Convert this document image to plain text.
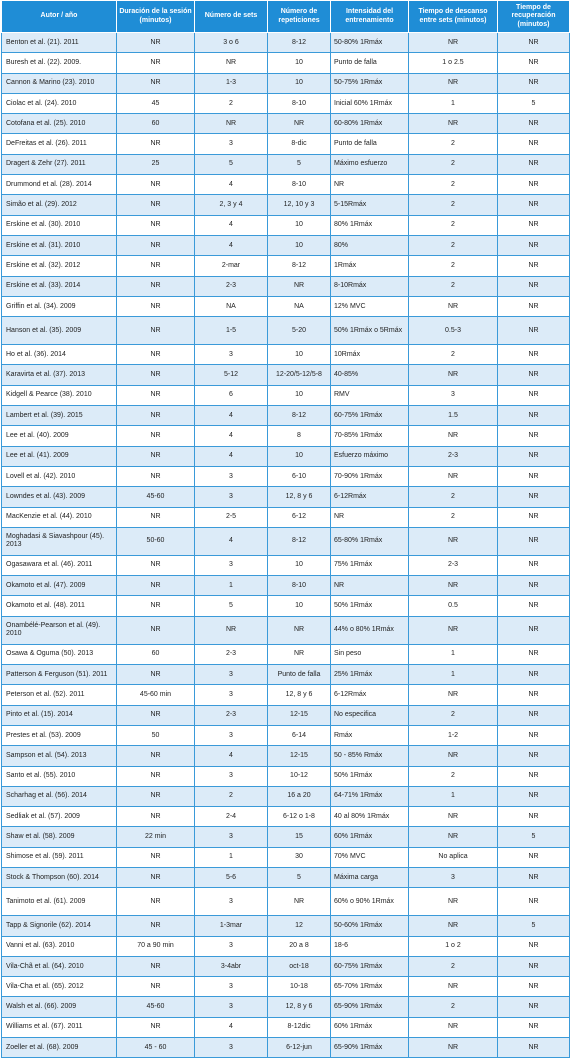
Autor / año	Duración de la sesión (minutos)	Número de sets	Número de repeticiones	Intensidad del entrenamiento	Tiempo de descanso entre sets (minutos)	Tiempo de recuperación (minutos)
Benton et al. (21). 2011	NR	3 o 6	8-12	50-80% 1Rmáx	NR	NR
Buresh et al. (22). 2009.	NR	NR	10	Punto de falla	1 o 2.5	NR
Cannon & Marino (23). 2010	NR	1-3	10	50-75% 1Rmáx	NR	NR
Ciolac et al. (24). 2010	45	2	8-10	Inicial 60% 1Rmáx	1	5
Cotofana et al. (25). 2010	60	NR	NR	60-80% 1Rmáx	NR	NR
DeFreitas et al. (26). 2011	NR	3	8-dic	Punto de falla	2	NR
Dragert & Zehr (27). 2011	25	5	5	Máximo esfuerzo	2	NR
Drummond et al. (28). 2014	NR	4	8-10	NR	2	NR
Simão et al. (29). 2012	NR	2, 3 y 4	12, 10 y 3	5-15Rmáx	2	NR
Erskine et al. (30). 2010	NR	4	10	80% 1Rmáx	2	NR
Erskine et al. (31). 2010	NR	4	10	80%	2	NR
Erskine et al. (32). 2012	NR	2-mar	8-12	1Rmáx	2	NR
Erskine et al. (33). 2014	NR	2-3	NR	8-10Rmáx	2	NR
Griffin et al. (34). 2009	NR	NA	NA	12% MVC	NR	NR
Hanson et al. (35). 2009	NR	1-5	5-20	50% 1Rmáx o 5Rmáx	0.5-3	NR
Ho et al. (36). 2014	NR	3	10	10Rmáx	2	NR
Karavirta et al. (37). 2013	NR	5-12	12-20/5-12/5-8	40-85%	NR	NR
Kidgell & Pearce (38). 2010	NR	6	10	RMV	3	NR
Lambert et al. (39). 2015	NR	4	8-12	60-75% 1Rmáx	1.5	NR
Lee et al. (40). 2009	NR	4	8	70-85% 1Rmáx	NR	NR
Lee et al. (41). 2009	NR	4	10	Esfuerzo máximo	2-3	NR
Lovell et al. (42). 2010	NR	3	6-10	70-90% 1Rmáx	NR	NR
Lowndes et al. (43). 2009	45-60	3	12, 8 y 6	6-12Rmáx	2	NR
MacKenzie et al. (44). 2010	NR	2-5	6-12	NR	2	NR
Moghadasi & Siavashpour (45). 2013	50-60	4	8-12	65-80% 1Rmáx	NR	NR
Ogasawara et al. (46). 2011	NR	3	10	75% 1Rmáx	2-3	NR
Okamoto et al. (47). 2009	NR	1	8-10	NR	NR	NR
Okamoto et al. (48). 2011	NR	5	10	50% 1Rmáx	0.5	NR
Onambélé-Pearson et al. (49). 2010	NR	NR	NR	44% o 80% 1Rmáx	NR	NR
Osawa & Oguma (50). 2013	60	2-3	NR	Sin peso	1	NR
Patterson & Ferguson (51). 2011	NR	3	Punto de falla	25% 1Rmáx	1	NR
Peterson et al. (52). 2011	45-60 min	3	12, 8 y 6	6-12Rmáx	NR	NR
Pinto et al. (15). 2014	NR	2-3	12-15	No especifica	2	NR
Prestes et al. (53). 2009	50	3	6-14	Rmáx	1-2	NR
Sampson et al. (54). 2013	NR	4	12-15	50 - 85% Rmáx	NR	NR
Santo et al. (55). 2010	NR	3	10-12	50% 1Rmáx	2	NR
Scharhag et al. (56). 2014	NR	2	16 a 20	64-71% 1Rmáx	1	NR
Sedliak et al. (57). 2009	NR	2-4	6-12 o 1-8	40 al 80% 1Rmáx	NR	NR
Shaw et al. (58). 2009	22 min	3	15	60% 1Rmáx	NR	5
Shimose et al. (59). 2011	NR	1	30	70% MVC	No aplica	NR
Stock & Thompson (60). 2014	NR	5-6	5	Máxima carga	3	NR
Tanimoto et al. (61). 2009	NR	3	NR	60% o 90% 1Rmáx	NR	NR
Tapp & Signorile (62). 2014	NR	1-3mar	12	50-60% 1Rmáx	NR	5
Vanni et al. (63). 2010	70 a 90 min	3	20 a 8	18-6	1 o 2	NR
Vila-Chã et al. (64). 2010	NR	3-4abr	oct-18	60-75% 1Rmáx	2	NR
Vila-Cha et al. (65). 2012	NR	3	10-18	65-70% 1Rmáx	NR	NR
Walsh et al. (66). 2009	45-60	3	12, 8 y 6	65-90% 1Rmáx	2	NR
Williams et al. (67). 2011	NR	4	8-12dic	60% 1Rmáx	NR	NR
Zoeller et al. (68). 2009	45 - 60	3	6-12-jun	65-90% 1Rmáx	NR	NR
